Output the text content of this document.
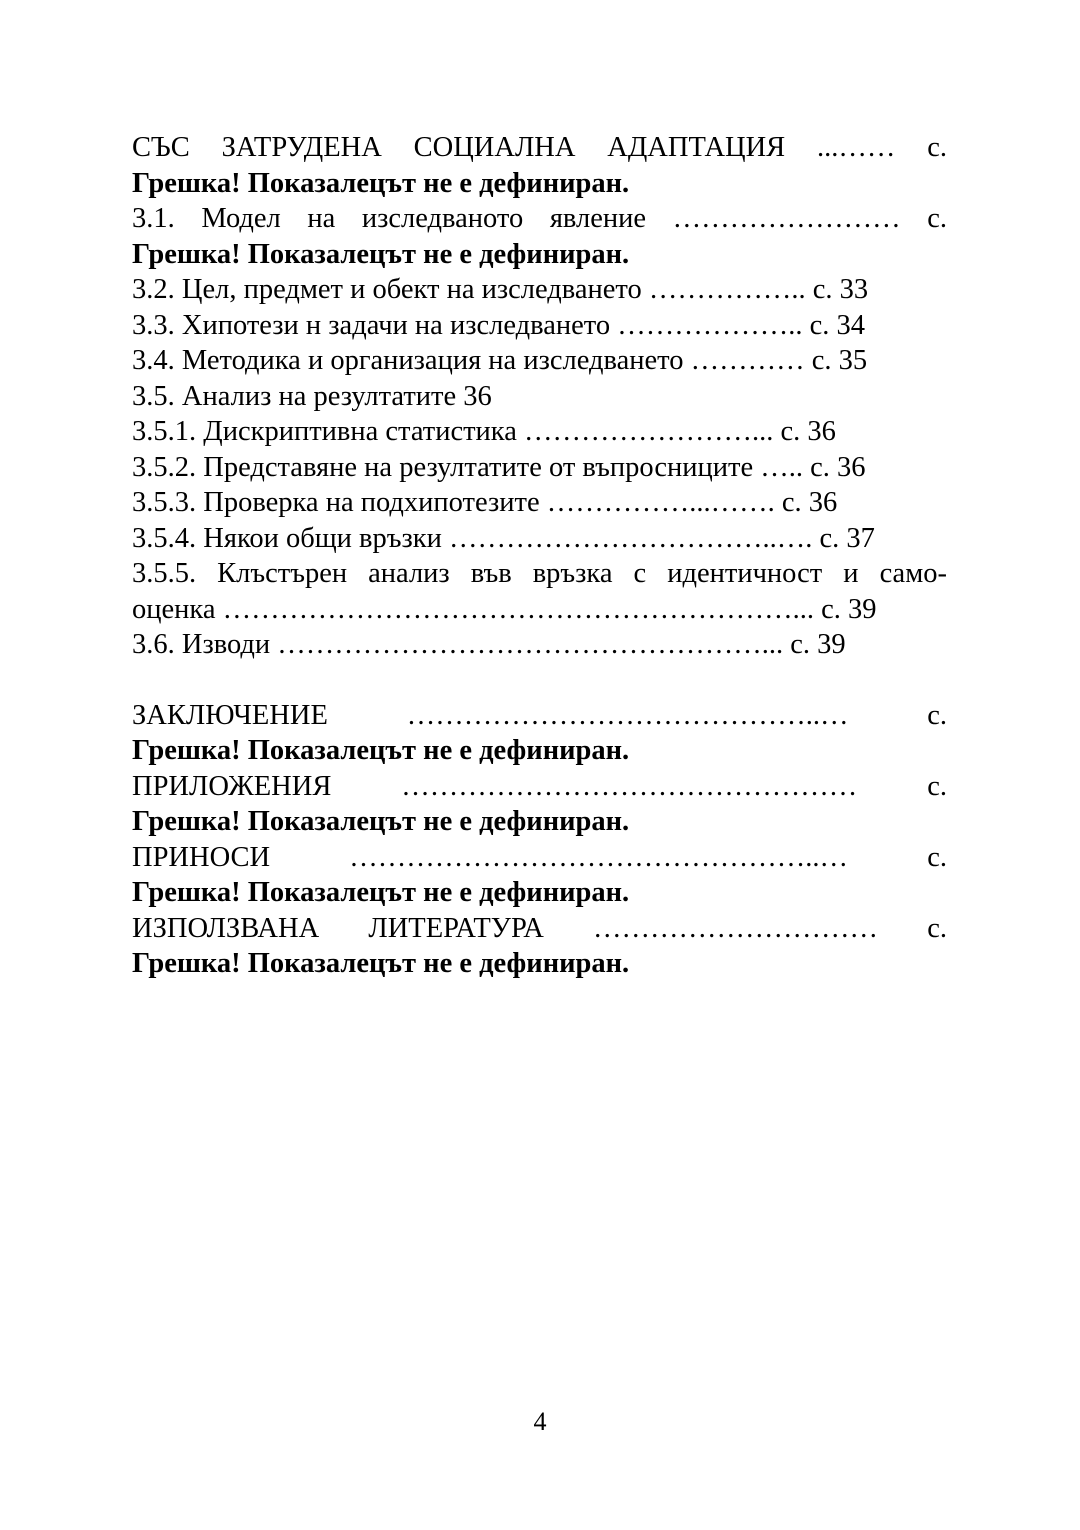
СЪС ЗАТРУДЕНА СОЦИАЛНА АДАПТАЦИЯ ...…… с.
Грешка! Показалецът не е дефиниран.
3.1. Модел на изследваното явление …………………… с.
Грешка! Показалецът не е дефиниран.
3.2. Цел, предмет и обект на изследването …………….. с. 33
3.3. Хипотези н задачи на изследването ……………….. с. 34
3.4. Методика и организация на изследването ………… с. 35
3.5. Анализ на резултатите 36
3.5.1. Дискриптивна статистика ……………………... с. 36
3.5.2. Представяне на резултатите от въпросниците ….. с. 36
3.5.3. Проверка на подхипотезите ……………...……. с. 36
3.5.4. Някои общи връзки ……………………………..…. с. 37
3.5.5. Клъстърен анализ във връзка с идентичност и само-
оценка ……………………………………………………... с. 39
3.6. Изводи ……………………………………………... с. 39
ЗАКЛЮЧЕНИЕ	……………………………………..…	с.
Грешка! Показалецът не е дефиниран.
ПРИЛОЖЕНИЯ ………………………………………… с.
Грешка! Показалецът не е дефиниран.
ПРИНОСИ	…………………………………………..…	с.
Грешка! Показалецът не е дефиниран.
ИЗПОЛЗВАНА ЛИТЕРАТУРА ………………………… с.
Грешка! Показалецът не е дефиниран.
4
